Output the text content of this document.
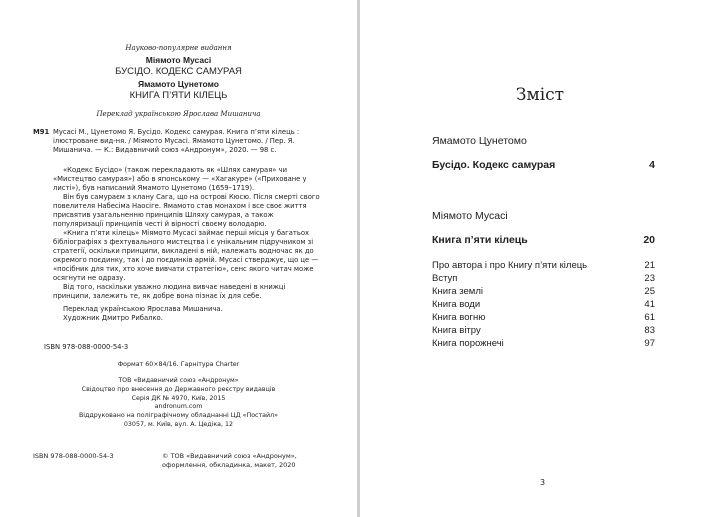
Науково-популярне видання
Міямото Мусасі
БУСІДО. КОДЕКС САМУРАЯ
Ямамото Цунетомо
КНИГА П’ЯТИ КІЛЕЦЬ
Переклад українською Ярослава Мишанича
М91 Мусасі М., Цунетомо Я. Бусідо. Кодекс самурая. Книга п’яти кілець : ілюстроване вид-ня. / Міямото Мусасі. Ямамото Цунетомо. / Пер. Я. Мишанича. — К.: Видавничий союз «Андронум», 2020. — 98 с.

«Кодекс Бусідо» (також перекладають як «Шлях самурая» чи «Мистецтво самурая») або в японському — «Хагакуре» («Приховане у листі»), був написаний Ямамото Цунетомо (1659–1719).

Він був самураєм з клану Сага, що на острові Кюсю. Після смерті свого повелителя Набесіма Наосіге. Ямамото став монахом і все своє життя присвятив узагальненню принципів Шляху самурая, а також популяризації принципів честі й вірності своєму володарю.

«Книга п’яти кілець» Міямото Мусасі займає перші місця у багатьох бібліографіях з фехтувального мистецтва і є унікальним підручником зі стратегії, оскільки принципи, викладені в ній, належать водночас як до окремого поєдинку, так і до поєдинків армій. Мусасі стверджує, що це — «посібник для тих, хто хоче вивчати стратегію», сенс якого читач може осягнути не одразу.

Від того, наскільки уважно людина вивчає наведені в книжці принципи, залежить те, як добре вона пізнає їх для себе.

Переклад українською Ярослава Мишанича.
Художник Дмитро Рибалко.
ISBN 978-088-0000-54-3
Формат 60×84/16. Гарнітура Charter
ТОВ «Видавничий союз «Андронум»
Свідоцтво про внесення до Державного реєстру видавців
Серія ДК № 4970, Київ, 2015
andronum.com
Віддруковано на поліграфічному обладнанні ЦД «Постайл»
03057, м. Київ, вул. А. Цедіка, 12
ISBN 978-088-0000-54-3	© ТОВ «Видавничий союз «Андронум»,
оформлення, обкладинка, макет, 2020
Зміст
Ямамото Цунетомо
Бусідо. Кодекс самурая	4
Міямото Мусасі
Книга п’яти кілець	20
Про автора і про Книгу п’яти кілець	21
Вступ	23
Книга землі	25
Книга води	41
Книга вогню	61
Книга вітру	83
Книга порожнечі	97
3
